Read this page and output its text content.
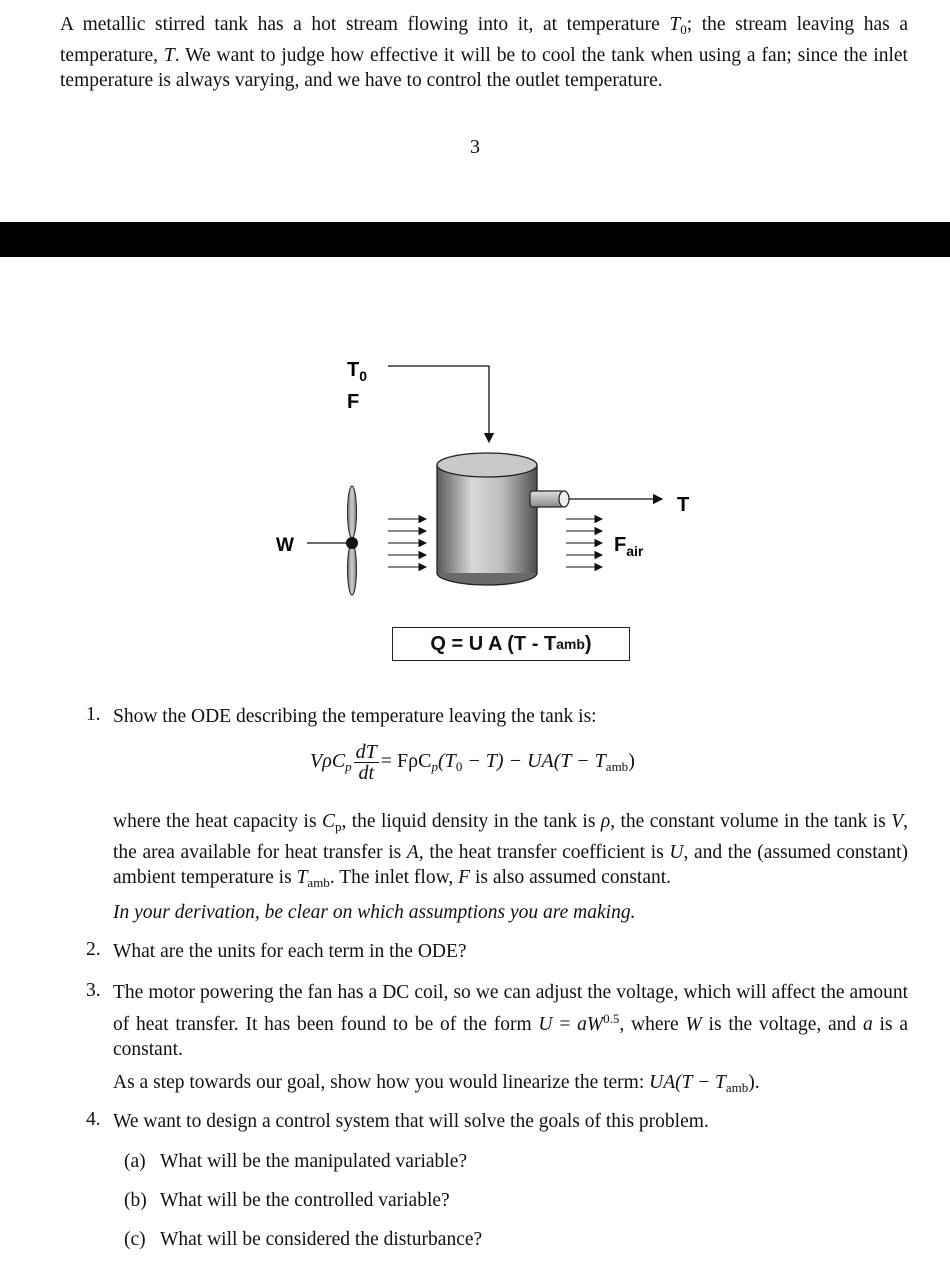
A metallic stirred tank has a hot stream flowing into it, at temperature $T_0$; the stream leaving has a temperature, T. We want to judge how effective it will be to cool the tank when using a fan; since the inlet temperature is always varying, and we have to control the outlet temperature.
3
$T_0$
F
T
W	$F_{air}$
Q = U A (T - T amb )
1. Show the ODE describing the temperature leaving the tank is:
$V\rho C_p \frac{dT}{dt} = F\rho C_p(T_0 - T) - UA(T - T_{amb})$
where the heat capacity is $C_p$, the liquid density in the tank is ρ, the constant volume in the tank is V, the area available for heat transfer is A, the heat transfer coefficient is U, and the (assumed constant) ambient temperature is $T_{amb}$. The inlet flow, F is also assumed constant.
In your derivation, be clear on which assumptions you are making.
2. What are the units for each term in the ODE?
3. The motor powering the fan has a DC coil, so we can adjust the voltage, which will affect the amount of heat transfer. It has been found to be of the form $U = aW^{0.5}$, where W is the voltage, and a is a constant.
As a step towards our goal, show how you would linearize the term: $UA(T - T_{amb})$.
4. We want to design a control system that will solve the goals of this problem.
(a) What will be the manipulated variable?
(b) What will be the controlled variable?
(c) What will be considered the disturbance?
